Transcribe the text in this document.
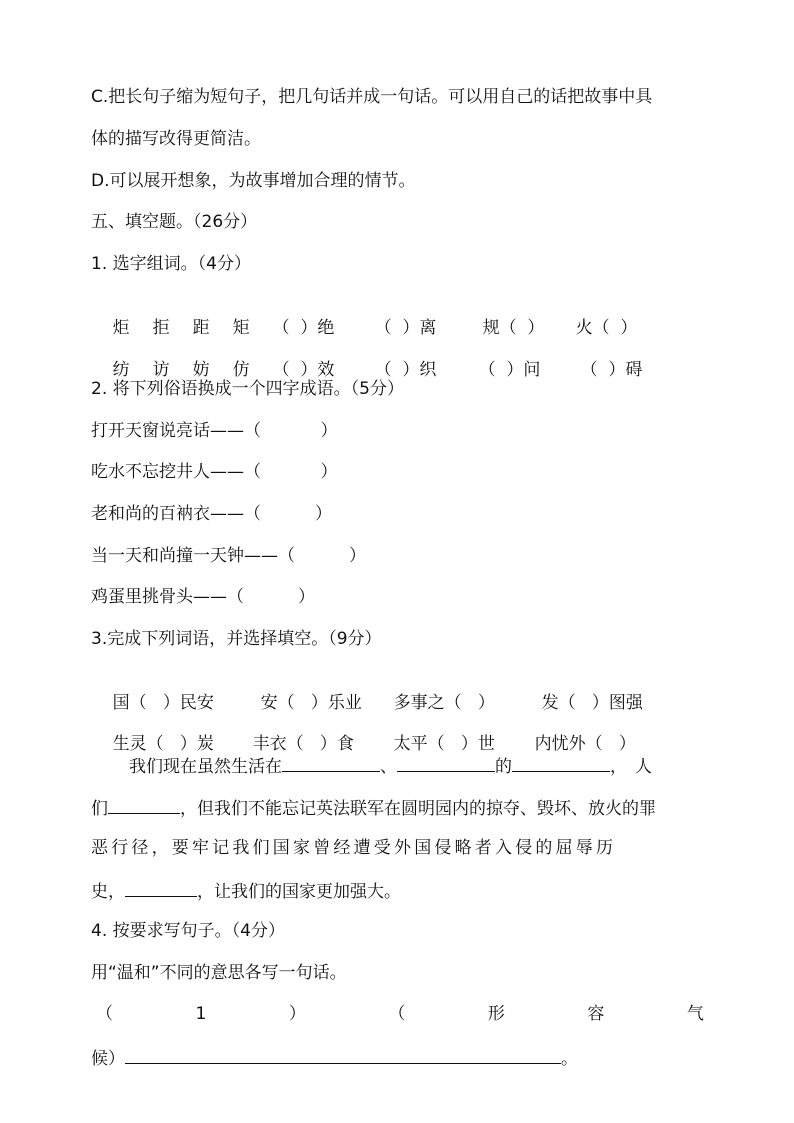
C.把长句子缩为短句子，把几句话并成一句话。可以用自己的话把故事中具
体的描写改得更简洁。
D.可以展开想象，为故事增加合理的情节。
五、填空题。（26分）
1. 选字组词。（4分）

炬 拒 距 矩 （  ）绝 （  ）离	规（  ） 火（  ）

纺 访 妨 仿 （  ）效 （  ）织 （  ）问 （  ）碍

2. 将下列俗语换成一个四字成语。（5分）
打开天窗说亮话——（           ）
吃水不忘挖井人——（           ）
老和尚的百衲衣——（          ）
当一天和尚撞一天钟——（          ）
鸡蛋里挑骨头——（          ）
3.完成下列词语，并选择填空。（9分）

国（   ）民安	安（   ）乐业 多事之（   ）	发（   ）图强

生灵（   ）炭 丰衣（   ）食 太平（   ）世 内忧外（   ）

我们现在虽然生活在	、	的	，人
们	，但我们不能忘记英法联军在圆明园内的掠夺、毁坏、放火的罪
恶行径，要牢记我们国家曾经遭受外国侵略者入侵的屈辱历
史，	，让我们的国家更加强大。
4. 按要求写句子。（4分）
用“温和”不同的意思各写一句话。
（	1	）	（	形	容	气
候）	。
